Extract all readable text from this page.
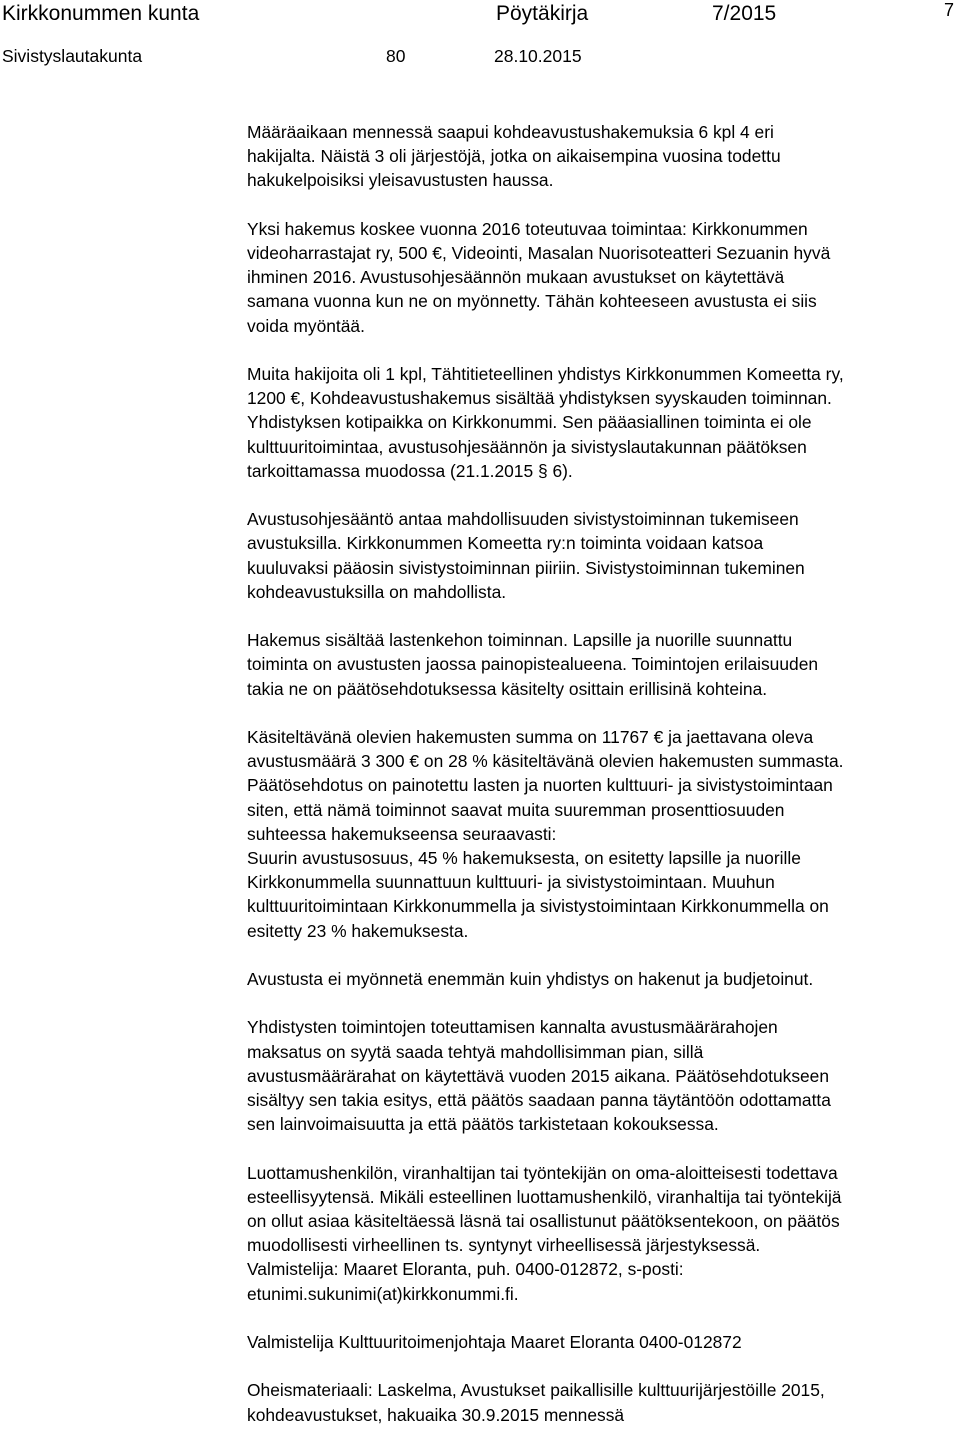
Kirkkonummen kunta	Pöytäkirja	7/2015	7
Sivistyslautakunta	80	28.10.2015
Määräaikaan mennessä saapui kohdeavustushakemuksia 6 kpl 4 eri
hakijalta. Näistä 3 oli järjestöjä, jotka on aikaisempina vuosina todettu
hakukelpoisiksi yleisavustusten haussa.
Yksi hakemus koskee vuonna 2016 toteutuvaa toimintaa: Kirkkonummen
videoharrastajat ry, 500 €, Videointi, Masalan Nuorisoteatteri Sezuanin hyvä
ihminen 2016. Avustusohjesäännön mukaan avustukset on käytettävä
samana vuonna kun ne on myönnetty. Tähän kohteeseen avustusta ei siis
voida myöntää.
Muita hakijoita oli 1 kpl, Tähtitieteellinen yhdistys Kirkkonummen Komeetta ry,
1200 €, Kohdeavustushakemus sisältää yhdistyksen syyskauden toiminnan.
Yhdistyksen kotipaikka on Kirkkonummi. Sen pääasiallinen toiminta ei ole
kulttuuritoimintaa, avustusohjesäännön ja sivistyslautakunnan päätöksen
tarkoittamassa muodossa (21.1.2015 § 6).
Avustusohjesääntö antaa mahdollisuuden sivistystoiminnan tukemiseen
avustuksilla. Kirkkonummen Komeetta ry:n toiminta voidaan katsoa
kuuluvaksi pääosin sivistystoiminnan piiriin. Sivistystoiminnan tukeminen
kohdeavustuksilla on mahdollista.
Hakemus sisältää lastenkehon toiminnan. Lapsille ja nuorille suunnattu
toiminta on avustusten jaossa painopistealueena. Toimintojen erilaisuuden
takia ne on päätösehdotuksessa käsitelty osittain erillisinä kohteina.
Käsiteltävänä olevien hakemusten summa on 11767 € ja jaettavana oleva
avustusmäärä 3 300 € on 28 % käsiteltävänä olevien hakemusten summasta.
Päätösehdotus on painotettu lasten ja nuorten kulttuuri- ja sivistystoimintaan
siten, että nämä toiminnot saavat muita suuremman prosenttiosuuden
suhteessa hakemukseensa seuraavasti:
Suurin avustusosuus, 45 % hakemuksesta, on esitetty lapsille ja nuorille
Kirkkonummella suunnattuun kulttuuri- ja sivistystoimintaan. Muuhun
kulttuuritoimintaan Kirkkonummella ja sivistystoimintaan Kirkkonummella on
esitetty 23 % hakemuksesta.
Avustusta ei myönnetä enemmän kuin yhdistys on hakenut ja budjetoinut.
Yhdistysten toimintojen toteuttamisen kannalta avustusmäärärahojen
maksatus on syytä saada tehtyä mahdollisimman pian, sillä
avustusmäärärahat on käytettävä vuoden 2015 aikana. Päätösehdotukseen
sisältyy sen takia esitys, että päätös saadaan panna täytäntöön odottamatta
sen lainvoimaisuutta ja että päätös tarkistetaan kokouksessa.
Luottamushenkilön, viranhaltijan tai työntekijän on oma-aloitteisesti todettava
esteellisyytensä. Mikäli esteellinen luottamushenkilö, viranhaltija tai työntekijä
on ollut asiaa käsiteltäessä läsnä tai osallistunut päätöksentekoon, on päätös
muodollisesti virheellinen ts. syntynyt virheellisessä järjestyksessä.
Valmistelija: Maaret Eloranta, puh. 0400-012872, s-posti:
etunimi.sukunimi(at)kirkkonummi.fi.
Valmistelija Kulttuuritoimenjohtaja Maaret Eloranta 0400-012872
Oheismateriaali: Laskelma, Avustukset paikallisille kulttuurijärjestöille 2015,
kohdeavustukset, hakuaika 30.9.2015 mennessä
